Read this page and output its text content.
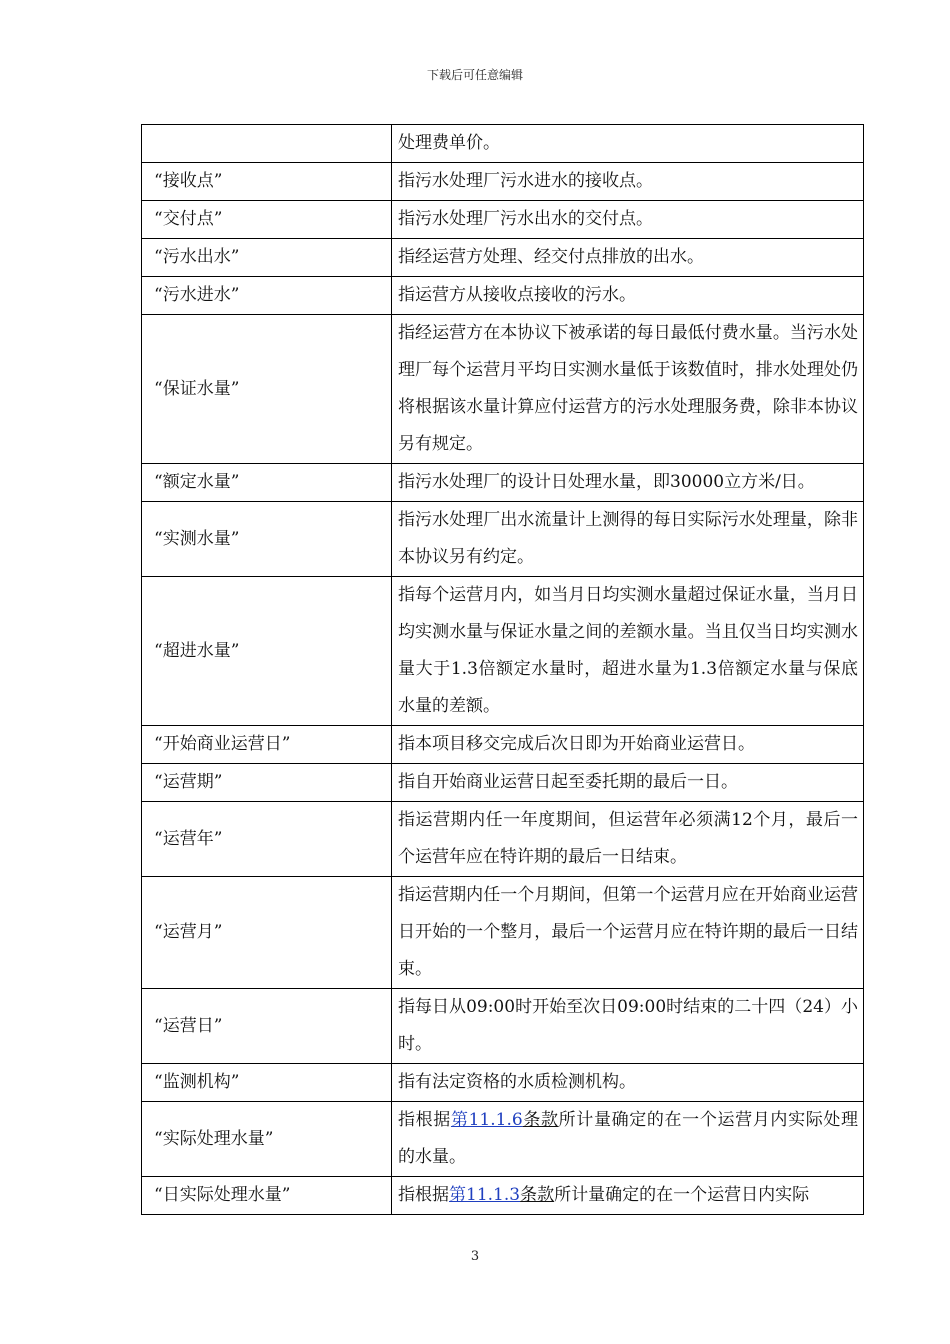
下载后可任意编辑
	处理费单价。
“接收点”	指污水处理厂污水进水的接收点。
“交付点”	指污水处理厂污水出水的交付点。
“污水出水”	指经运营方处理、经交付点排放的出水。
“污水进水”	指运营方从接收点接收的污水。
“保证水量”	指经运营方在本协议下被承诺的每日最低付费水量。当污水处理厂每个运营月平均日实测水量低于该数值时，排水处理处仍将根据该水量计算应付运营方的污水处理服务费，除非本协议另有规定。
“额定水量”	指污水处理厂的设计日处理水量，即30000立方米/日。
“实测水量”	指污水处理厂出水流量计上测得的每日实际污水处理量，除非本协议另有约定。
“超进水量”	指每个运营月内，如当月日均实测水量超过保证水量，当月日均实测水量与保证水量之间的差额水量。当且仅当日均实测水量大于1.3倍额定水量时，超进水量为1.3倍额定水量与保底水量的差额。
“开始商业运营日”	指本项目移交完成后次日即为开始商业运营日。
“运营期”	指自开始商业运营日起至委托期的最后一日。
“运营年”	指运营期内任一年度期间，但运营年必须满12个月，最后一个运营年应在特许期的最后一日结束。
“运营月”	指运营期内任一个月期间，但第一个运营月应在开始商业运营日开始的一个整月，最后一个运营月应在特许期的最后一日结束。
“运营日”	指每日从09:00时开始至次日09:00时结束的二十四（24）小时。
“监测机构”	指有法定资格的水质检测机构。
“实际处理水量”	指根据第11.1.6条款所计量确定的在一个运营月内实际处理的水量。
“日实际处理水量”	指根据第11.1.3条款所计量确定的在一个运营日内实际
3
